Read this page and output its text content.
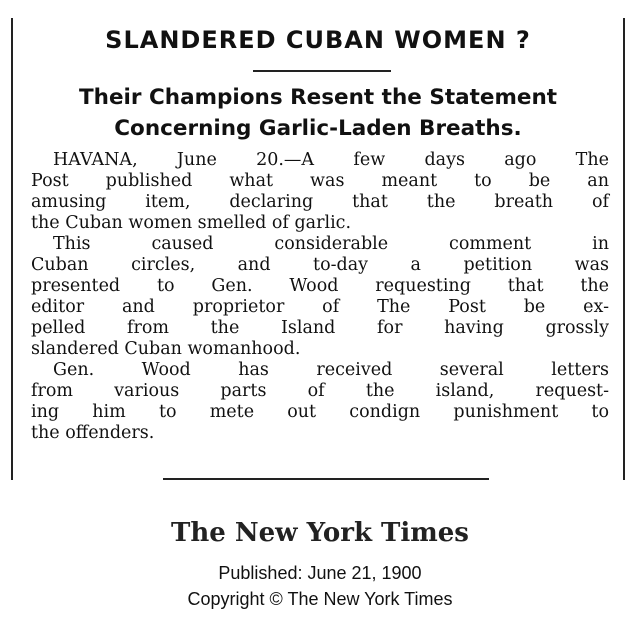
SLANDERED CUBAN WOMEN ?
Their Champions Resent the Statement
Concerning Garlic-Laden Breaths.
HAVANA, June 20.—A few days ago The
Post published what was meant to be an
amusing item, declaring that the breath of
the Cuban women smelled of garlic.
This caused considerable comment in
Cuban circles, and to-day a petition was
presented to Gen. Wood requesting that the
editor and proprietor of The Post be ex-
pelled from the Island for having grossly
slandered Cuban womanhood.
Gen. Wood has received several letters
from various parts of the island, request-
ing him to mete out condign punishment to
the offenders.
The New York Times
Published: June 21, 1900
Copyright © The New York Times
